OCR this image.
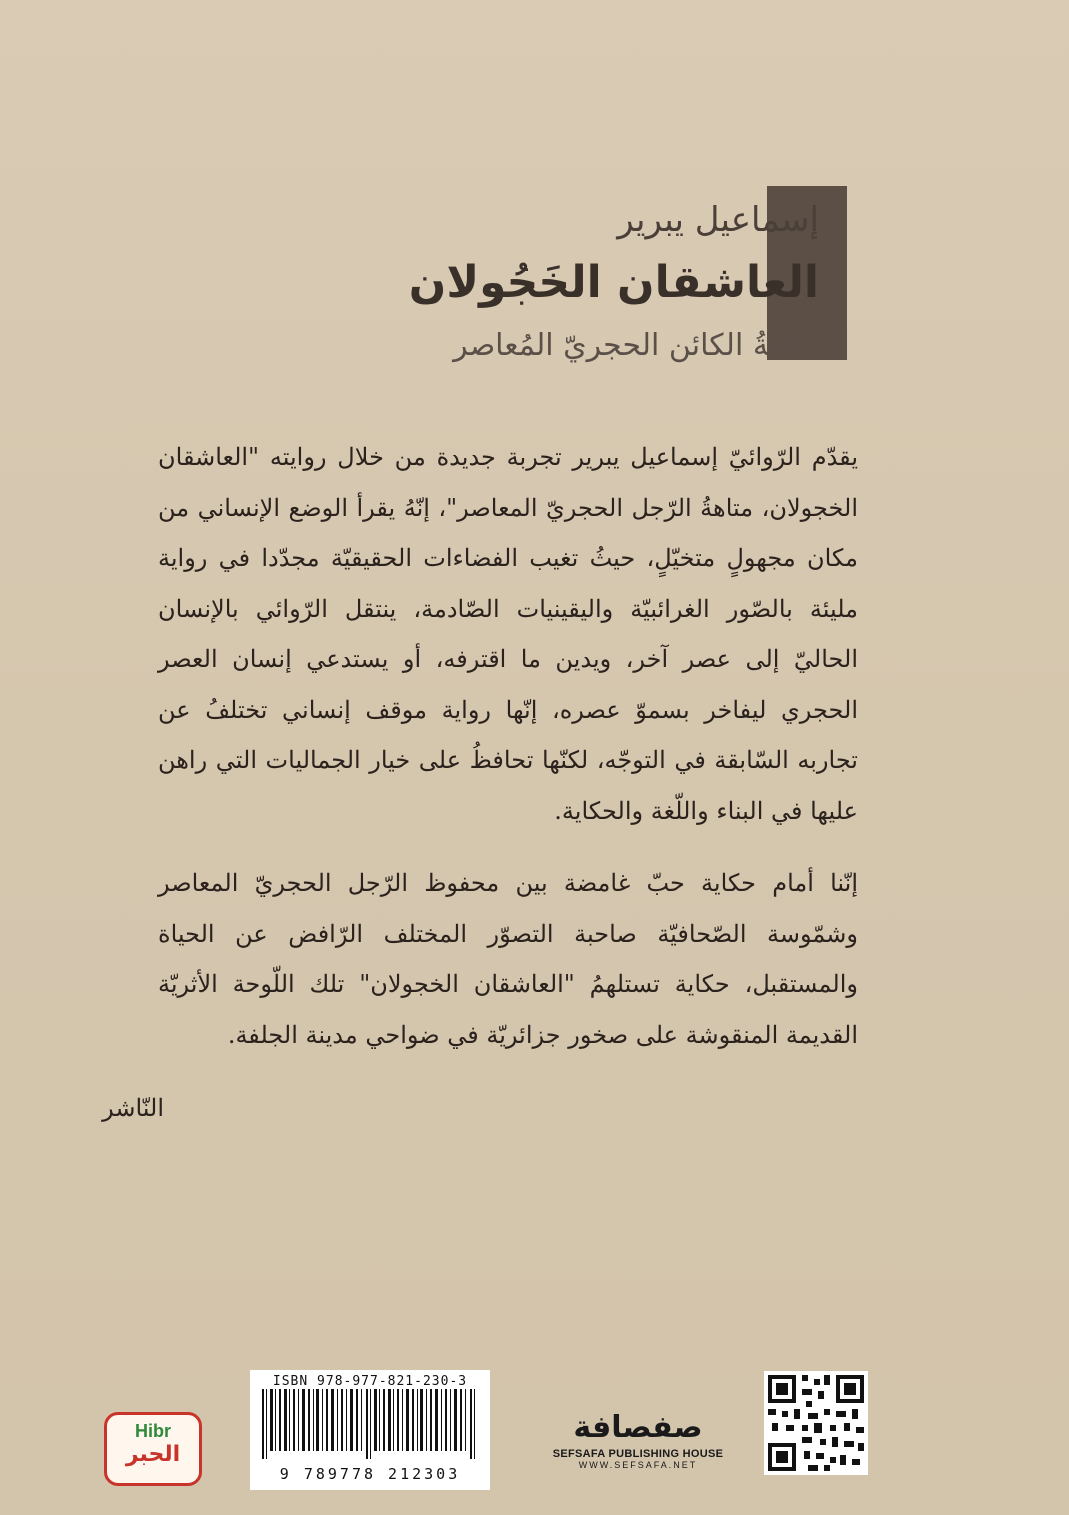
إسماعيل يبرير
العاشقان الخَجُولان
مَتاهةُ الكائن الحجريّ المُعاصر

يقدّم الرّوائيّ إسماعيل يبرير تجربة جديدة من خلال روايته "العاشقان الخجولان، متاهةُ الرّجل الحجريّ المعاصر"، إنّهُ يقرأ الوضع الإنساني من مكان مجهولٍ متخيّلٍ، حيثُ تغيب الفضاءات الحقيقيّة مجدّدا في رواية مليئة بالصّور الغرائبيّة واليقينيات الصّادمة، ينتقل الرّوائي بالإنسان الحاليّ إلى عصر آخر، ويدين ما اقترفه، أو يستدعي إنسان العصر الحجري ليفاخر بسموّ عصره، إنّها رواية موقف إنساني تختلفُ عن تجاربه السّابقة في التوجّه، لكنّها تحافظُ على خيار الجماليات التي راهن عليها في البناء واللّغة والحكاية.

إنّنا أمام حكاية حبّ غامضة بين محفوظ الرّجل الحجريّ المعاصر وشمّوسة الصّحافيّة صاحبة التصوّر المختلف الرّافض عن الحياة والمستقبل، حكاية تستلهمُ "العاشقان الخجولان" تلك اللّوحة الأثريّة القديمة المنقوشة على صخور جزائريّة في ضواحي مدينة الجلفة.

النّاشر
Hibr
الحبر
ISBN 978-977-821-230-3
9 789778 212303
صفصافة
SEFSAFA PUBLISHING HOUSE
WWW.SEFSAFA.NET
